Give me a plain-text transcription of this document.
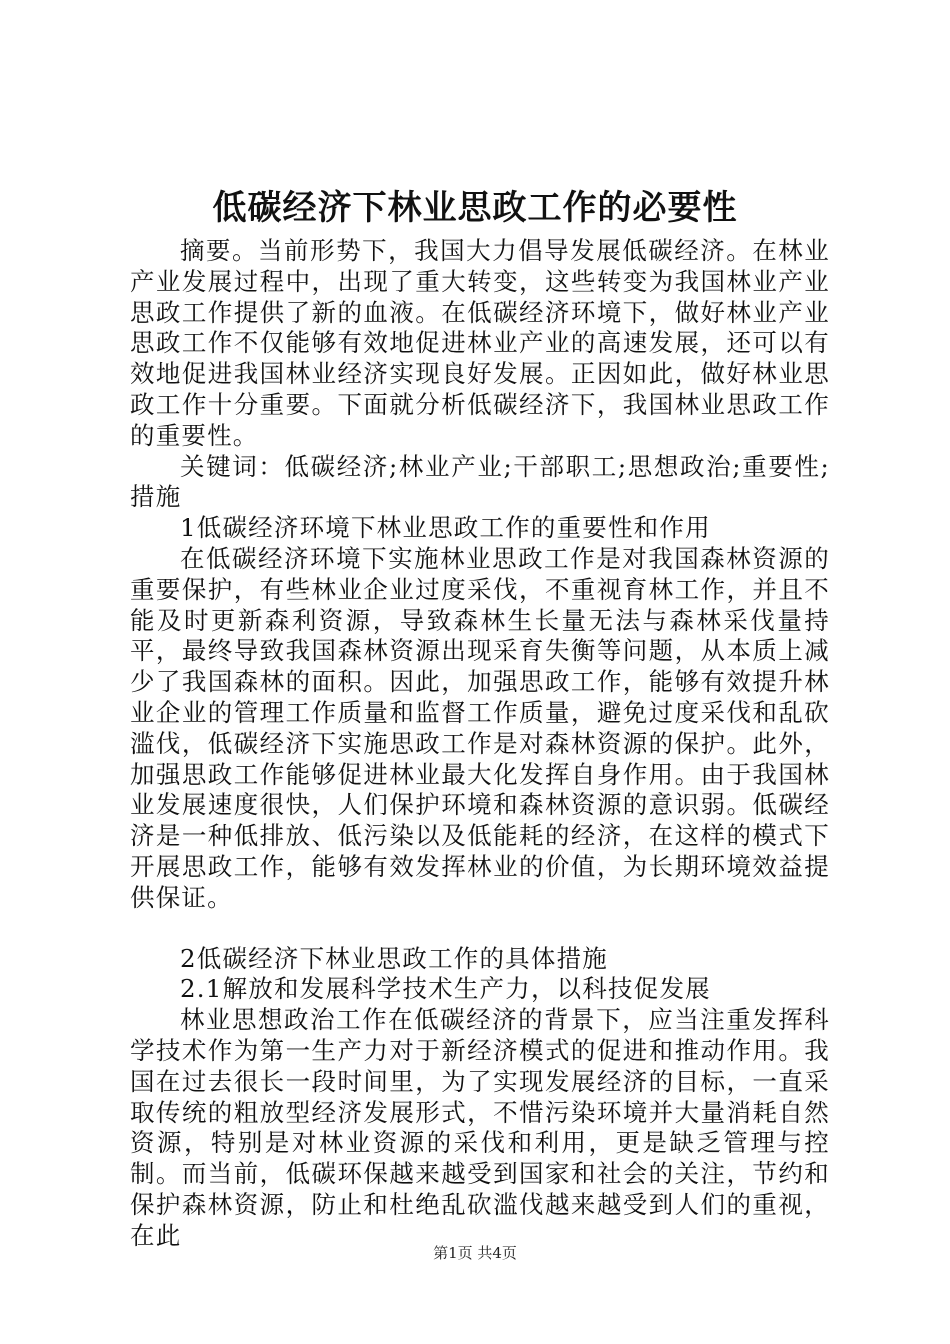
低碳经济下林业思政工作的必要性

摘要。当前形势下，我国大力倡导发展低碳经济。在林业产业发展过程中，出现了重大转变，这些转变为我国林业产业思政工作提供了新的血液。在低碳经济环境下，做好林业产业思政工作不仅能够有效地促进林业产业的高速发展，还可以有效地促进我国林业经济实现良好发展。正因如此，做好林业思政工作十分重要。下面就分析低碳经济下，我国林业思政工作的重要性。

关键词：低碳经济;林业产业;干部职工;思想政治;重要性;措施

1低碳经济环境下林业思政工作的重要性和作用

在低碳经济环境下实施林业思政工作是对我国森林资源的重要保护，有些林业企业过度采伐，不重视育林工作，并且不能及时更新森利资源，导致森林生长量无法与森林采伐量持平，最终导致我国森林资源出现采育失衡等问题，从本质上减少了我国森林的面积。因此，加强思政工作，能够有效提升林业企业的管理工作质量和监督工作质量，避免过度采伐和乱砍滥伐，低碳经济下实施思政工作是对森林资源的保护。此外，加强思政工作能够促进林业最大化发挥自身作用。由于我国林业发展速度很快，人们保护环境和森林资源的意识弱。低碳经济是一种低排放、低污染以及低能耗的经济，在这样的模式下开展思政工作，能够有效发挥林业的价值，为长期环境效益提供保证。

2低碳经济下林业思政工作的具体措施

2.1解放和发展科学技术生产力，以科技促发展

林业思想政治工作在低碳经济的背景下，应当注重发挥科学技术作为第一生产力对于新经济模式的促进和推动作用。我国在过去很长一段时间里，为了实现发展经济的目标，一直采取传统的粗放型经济发展形式，不惜污染环境并大量消耗自然资源，特别是对林业资源的采伐和利用，更是缺乏管理与控制。而当前，低碳环保越来越受到国家和社会的关注，节约和保护森林资源，防止和杜绝乱砍滥伐越来越受到人们的重视，在此

第1页 共4页
